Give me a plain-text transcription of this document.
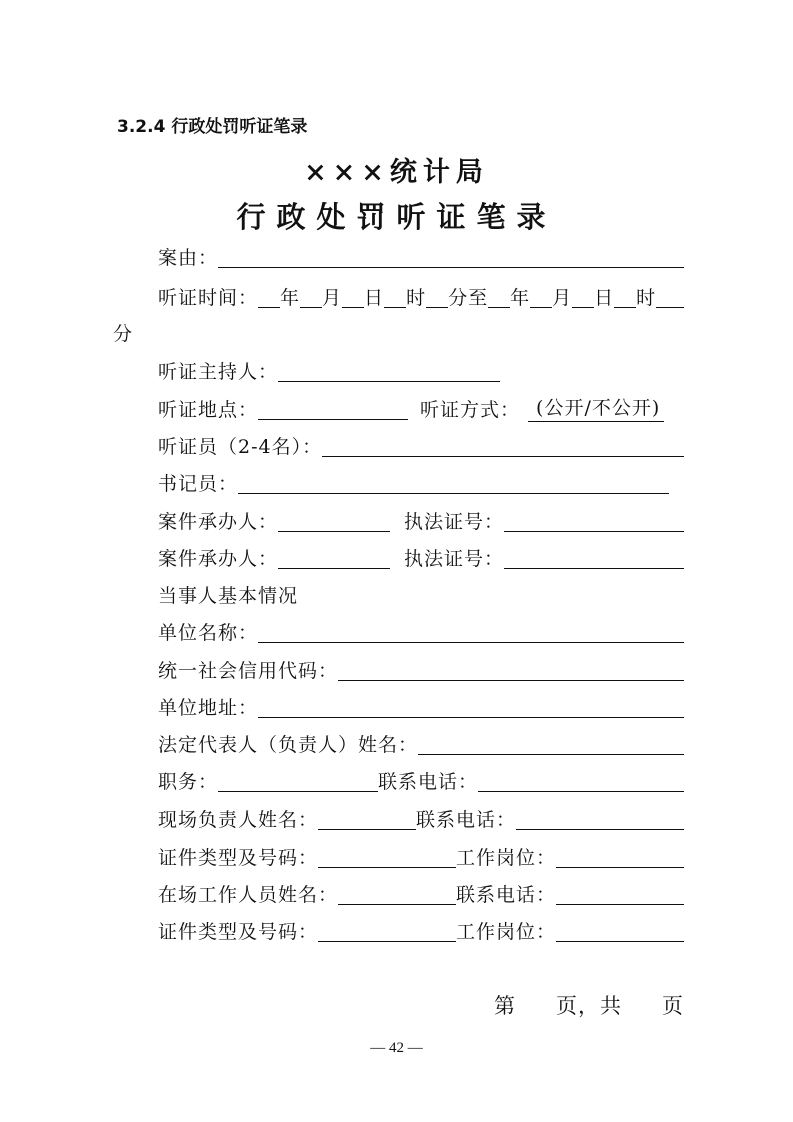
3.2.4 行政处罚听证笔录
×××统计局
行政处罚听证笔录
案由：
听证时间： 年 月 日 时 分至 年 月 日 时
分
听证主持人：
听证地点：	听证方式： (公开/不公开)
听证员（2-4名）：
书记员：
案件承办人：	执法证号：
案件承办人：	执法证号：
当事人基本情况
单位名称：
统一社会信用代码：
单位地址：
法定代表人（负责人）姓名：
职务：	联系电话：
现场负责人姓名：	联系电话：
证件类型及号码：	工作岗位：
在场工作人员姓名：	联系电话：
证件类型及号码：	工作岗位：
第 页，共 页
— 42 —
